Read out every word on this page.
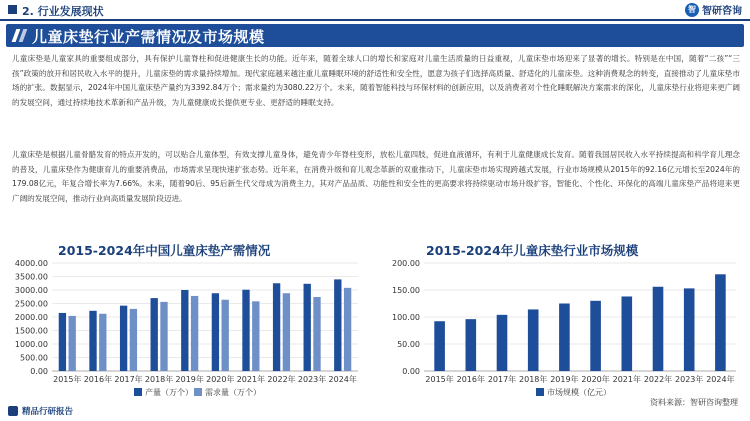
2. 行业发展现状	智 智研咨询
儿童床垫行业产需情况及市场规模
儿童床垫是儿童家具的重要组成部分，具有保护儿童脊柱和促进健康生长的功能。近年来，随着全球人口的增长和家庭对儿童生活质量的日益重视，儿童床垫市场迎来了显著的增长。特别是在中国，随着“二孩”“三孩”政策的放开和居民收入水平的提升，儿童床垫的需求量持续增加。现代家庭越来越注重儿童睡眠环境的舒适性和安全性，愿意为孩子们选择高质量、舒适化的儿童床垫。这种消费观念的转变，直接推动了儿童床垫市场的扩张。数据显示，2024年中国儿童床垫产量约为3392.84万个；需求量约为3080.22万个。未来，随着智能科技与环保材料的创新应用，以及消费者对个性化睡眠解决方案需求的深化，儿童床垫行业将迎来更广阔的发展空间，通过持续地技术革新和产品升级，为儿童健康成长提供更专业、更舒适的睡眠支持。
儿童床垫是根据儿童骨骼发育的特点开发的，可以贴合儿童体型，有效支撑儿童身体，避免青少年脊柱变形，放松儿童四肢，促进血液循环，有利于儿童健康成长发育。随着我国居民收入水平持续提高和科学育儿理念的普及，儿童床垫作为健康育儿的重要消费品，市场需求呈现快速扩张态势。近年来，在消费升级和育儿观念革新的双重推动下，儿童床垫市场实现跨越式发展，行业市场规模从2015年的92.16亿元增长至2024年的179.08亿元，年复合增长率为7.66%。未来，随着90后、95后新生代父母成为消费主力，其对产品品质、功能性和安全性的更高要求将持续驱动市场升级扩容，智能化、个性化、环保化的高端儿童床垫产品将迎来更广阔的发展空间，推动行业向高质量发展阶段迈进。
2015-2024年中国儿童床垫产需情况	2015-2024年儿童床垫行业市场规模
0.00
500.00
1000.00
1500.00
2000.00
2500.00
3000.00
3500.00
4000.00
2015年 2016年 2017年 2018年 2019年 2020年 2021年 2022年 2023年 2024年
产量（万个） 需求量（万个）
0.00
50.00
100.00
150.00
200.00
2015年 2016年 2017年 2018年 2019年 2020年 2021年 2022年 2023年 2024年
市场规模（亿元）
精品行研报告
资料来源：智研咨询整理
